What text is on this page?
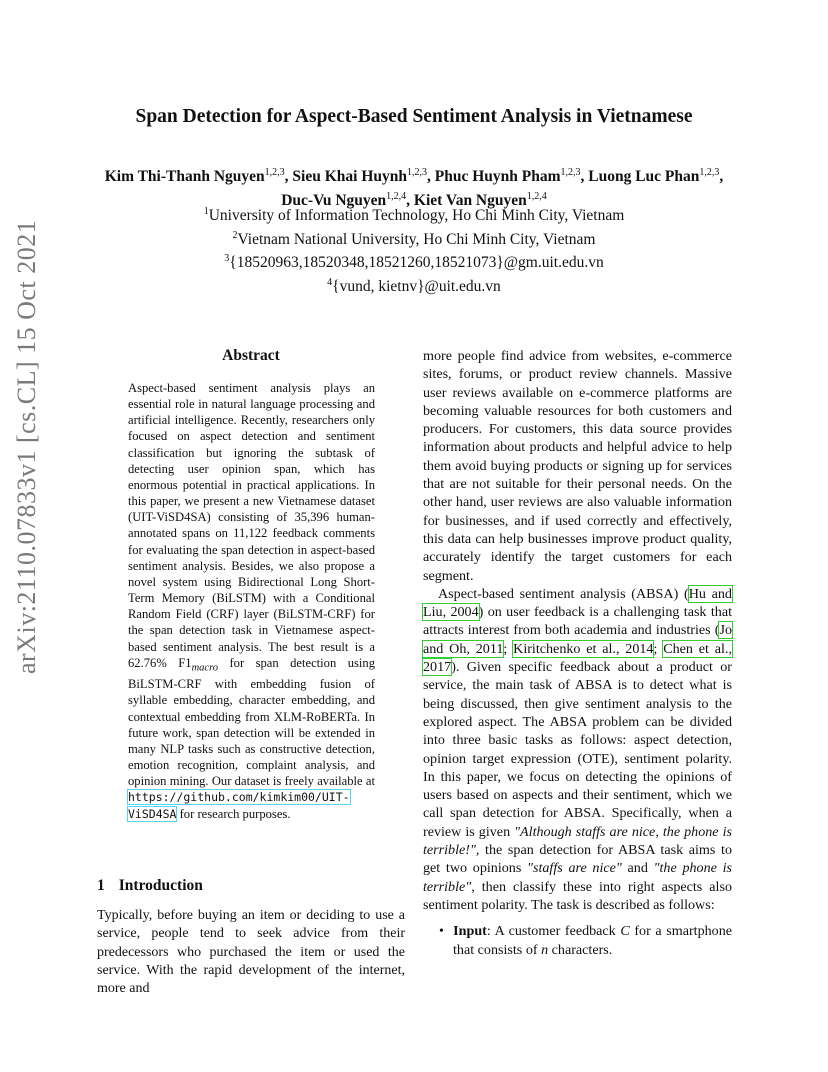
arXiv:2110.07833v1 [cs.CL] 15 Oct 2021
Span Detection for Aspect-Based Sentiment Analysis in Vietnamese
Kim Thi-Thanh Nguyen$^{1,2,3}$, Sieu Khai Huynh$^{1,2,3}$, Phuc Huynh Pham$^{1,2,3}$, Luong Luc Phan$^{1,2,3}$,
Duc-Vu Nguyen$^{1,2,4}$, Kiet Van Nguyen$^{1,2,4}$
$^1$University of Information Technology, Ho Chi Minh City, Vietnam
$^2$Vietnam National University, Ho Chi Minh City, Vietnam
$^3${18520963,18520348,18521260,18521073}@gm.uit.edu.vn
$^4${vund, kietnv}@uit.edu.vn
Abstract
Aspect-based sentiment analysis plays an essential role in natural language processing and artificial intelligence. Recently, researchers only focused on aspect detection and sentiment classification but ignoring the subtask of detecting user opinion span, which has enormous potential in practical applications. In this paper, we present a new Vietnamese dataset (UIT-ViSD4SA) consisting of 35,396 human-annotated spans on 11,122 feedback comments for evaluating the span detection in aspect-based sentiment analysis. Besides, we also propose a novel system using Bidirectional Long Short-Term Memory (BiLSTM) with a Conditional Random Field (CRF) layer (BiLSTM-CRF) for the span detection task in Vietnamese aspect-based sentiment analysis. The best result is a 62.76% $F1_{macro}$ for span detection using BiLSTM-CRF with embedding fusion of syllable embedding, character embedding, and contextual embedding from XLM-RoBERTa. In future work, span detection will be extended in many NLP tasks such as constructive detection, emotion recognition, complaint analysis, and opinion mining. Our dataset is freely available at https://github.com/kimkim00/UIT-ViSD4SA for research purposes.
1 Introduction

Typically, before buying an item or deciding to use a service, people tend to seek advice from their predecessors who purchased the item or used the service. With the rapid development of the internet, more and

more people find advice from websites, e-commerce sites, forums, or product review channels. Massive user reviews available on e-commerce platforms are becoming valuable resources for both customers and producers. For customers, this data source provides information about products and helpful advice to help them avoid buying products or signing up for services that are not suitable for their personal needs. On the other hand, user reviews are also valuable information for businesses, and if used correctly and effectively, this data can help businesses improve product quality, accurately identify the target customers for each segment.

Aspect-based sentiment analysis (ABSA) (Hu and Liu, 2004) on user feedback is a challenging task that attracts interest from both academia and industries (Jo and Oh, 2011; Kiritchenko et al., 2014; Chen et al., 2017). Given specific feedback about a product or service, the main task of ABSA is to detect what is being discussed, then give sentiment analysis to the explored aspect. The ABSA problem can be divided into three basic tasks as follows: aspect detection, opinion target expression (OTE), sentiment polarity. In this paper, we focus on detecting the opinions of users based on aspects and their sentiment, which we call span detection for ABSA. Specifically, when a review is given "Although staffs are nice, the phone is terrible!", the span detection for ABSA task aims to get two opinions "staffs are nice" and "the phone is terrible", then classify these into right aspects also sentiment polarity. The task is described as follows:

•  Input: A customer feedback C for a smartphone that consists of n characters.
